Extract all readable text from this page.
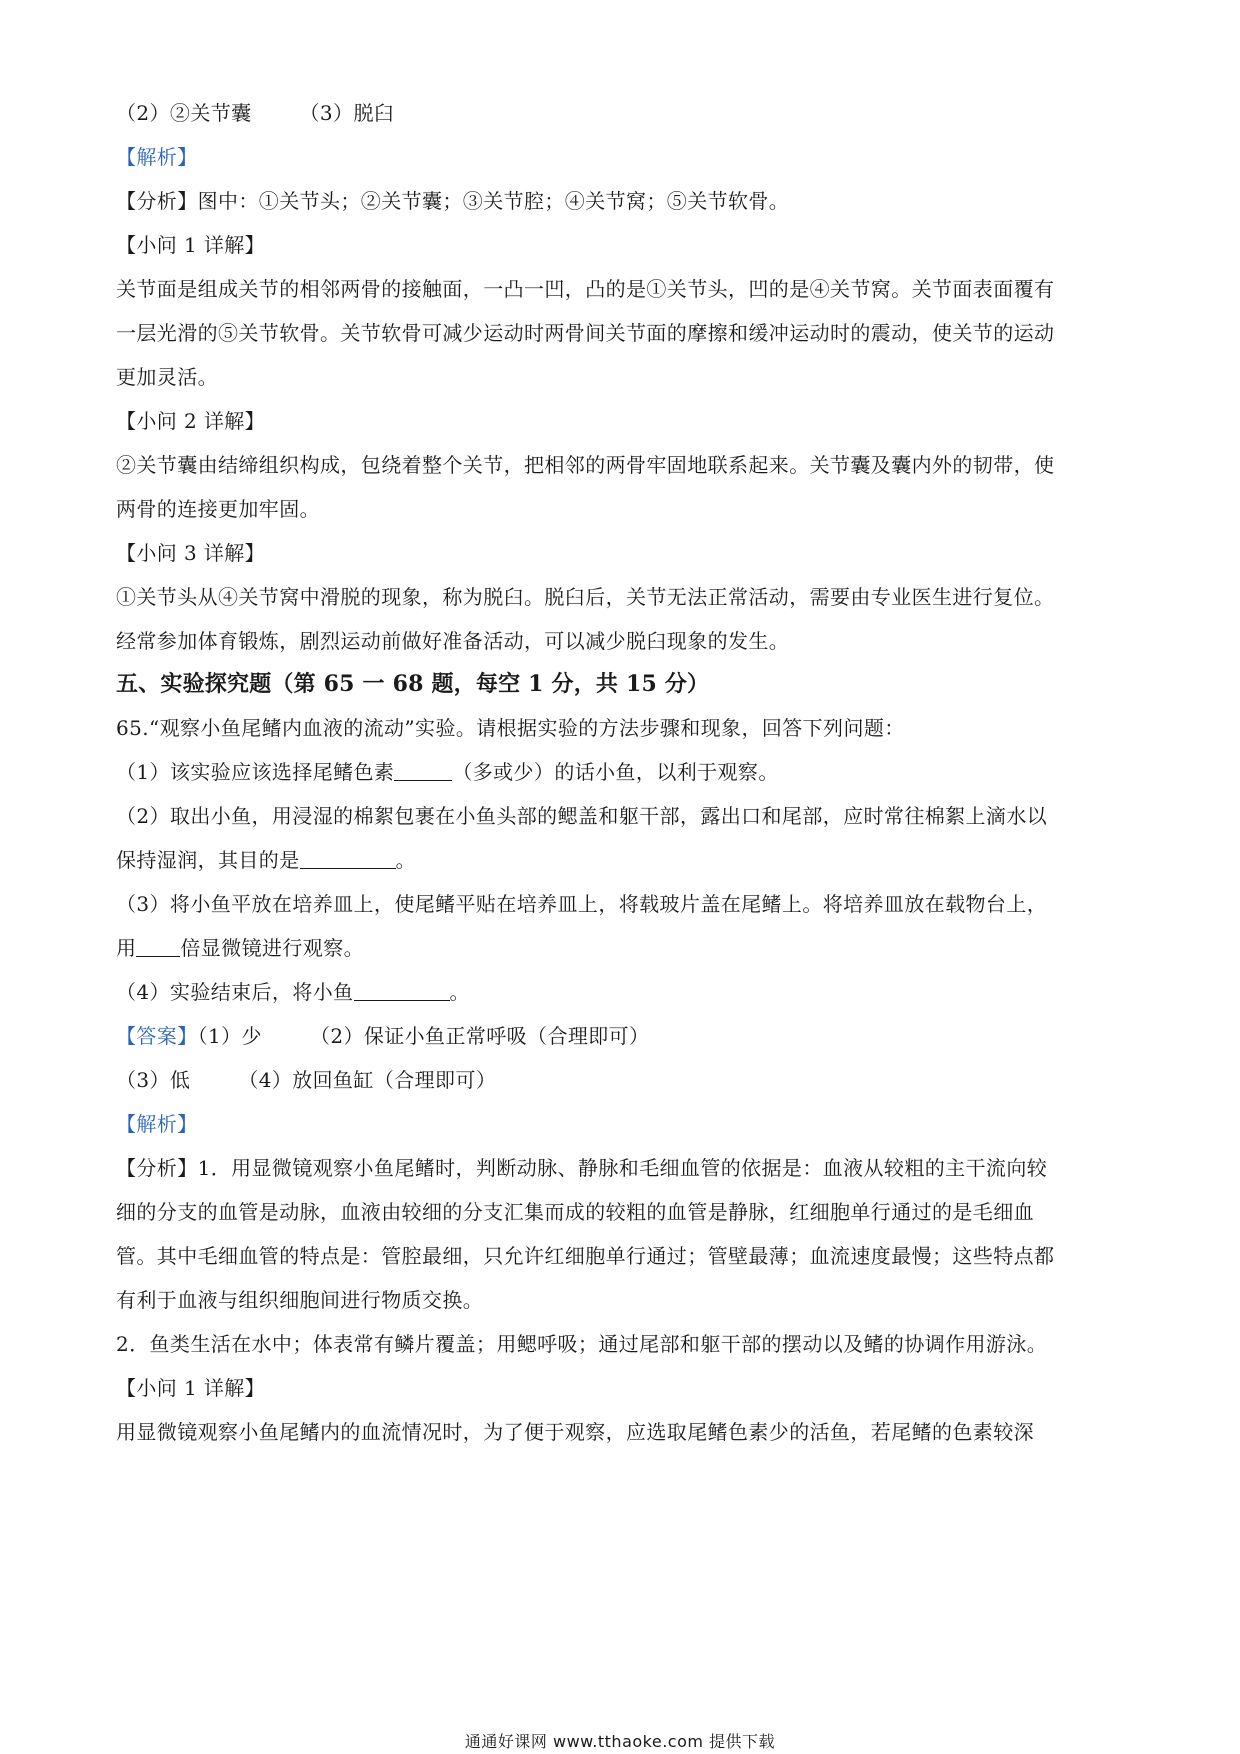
（2）②关节囊 （3）脱臼
【解析】
【分析】图中：①关节头；②关节囊；③关节腔；④关节窝；⑤关节软骨。
【小问 1 详解】
关节面是组成关节的相邻两骨的接触面，一凸一凹，凸的是①关节头，凹的是④关节窝。关节面表面覆有
一层光滑的⑤关节软骨。关节软骨可减少运动时两骨间关节面的摩擦和缓冲运动时的震动，使关节的运动
更加灵活。
【小问 2 详解】
②关节囊由结缔组织构成，包绕着整个关节，把相邻的两骨牢固地联系起来。关节囊及囊内外的韧带，使
两骨的连接更加牢固。
【小问 3 详解】
①关节头从④关节窝中滑脱的现象，称为脱臼。脱臼后，关节无法正常活动，需要由专业医生进行复位。
经常参加体育锻炼，剧烈运动前做好准备活动，可以减少脱臼现象的发生。
五、实验探究题（第 65 一 68 题，每空 1 分，共 15 分）
65.“观察小鱼尾鳍内血液的流动”实验。请根据实验的方法步骤和现象，回答下列问题：
（1）该实验应该选择尾鳍色素	（多或少）的话小鱼，以利于观察。
（2）取出小鱼，用浸湿的棉絮包裹在小鱼头部的鳃盖和躯干部，露出口和尾部，应时常往棉絮上滴水以
保持湿润，其目的是	。
（3）将小鱼平放在培养皿上，使尾鳍平贴在培养皿上，将载玻片盖在尾鳍上。将培养皿放在载物台上，
用 倍显微镜进行观察。
（4）实验结束后，将小鱼	。
【答案】（1）少 （2）保证小鱼正常呼吸（合理即可）
（3）低 （4）放回鱼缸（合理即可）
【解析】
【分析】1．用显微镜观察小鱼尾鳍时，判断动脉、静脉和毛细血管的依据是：血液从较粗的主干流向较
细的分支的血管是动脉，血液由较细的分支汇集而成的较粗的血管是静脉，红细胞单行通过的是毛细血
管。其中毛细血管的特点是：管腔最细，只允许红细胞单行通过；管壁最薄；血流速度最慢；这些特点都
有利于血液与组织细胞间进行物质交换。
2．鱼类生活在水中；体表常有鳞片覆盖；用鳃呼吸；通过尾部和躯干部的摆动以及鳍的协调作用游泳。
【小问 1 详解】
用显微镜观察小鱼尾鳍内的血流情况时，为了便于观察，应选取尾鳍色素少的活鱼，若尾鳍的色素较深
通通好课网 www.tthaoke.com 提供下载
